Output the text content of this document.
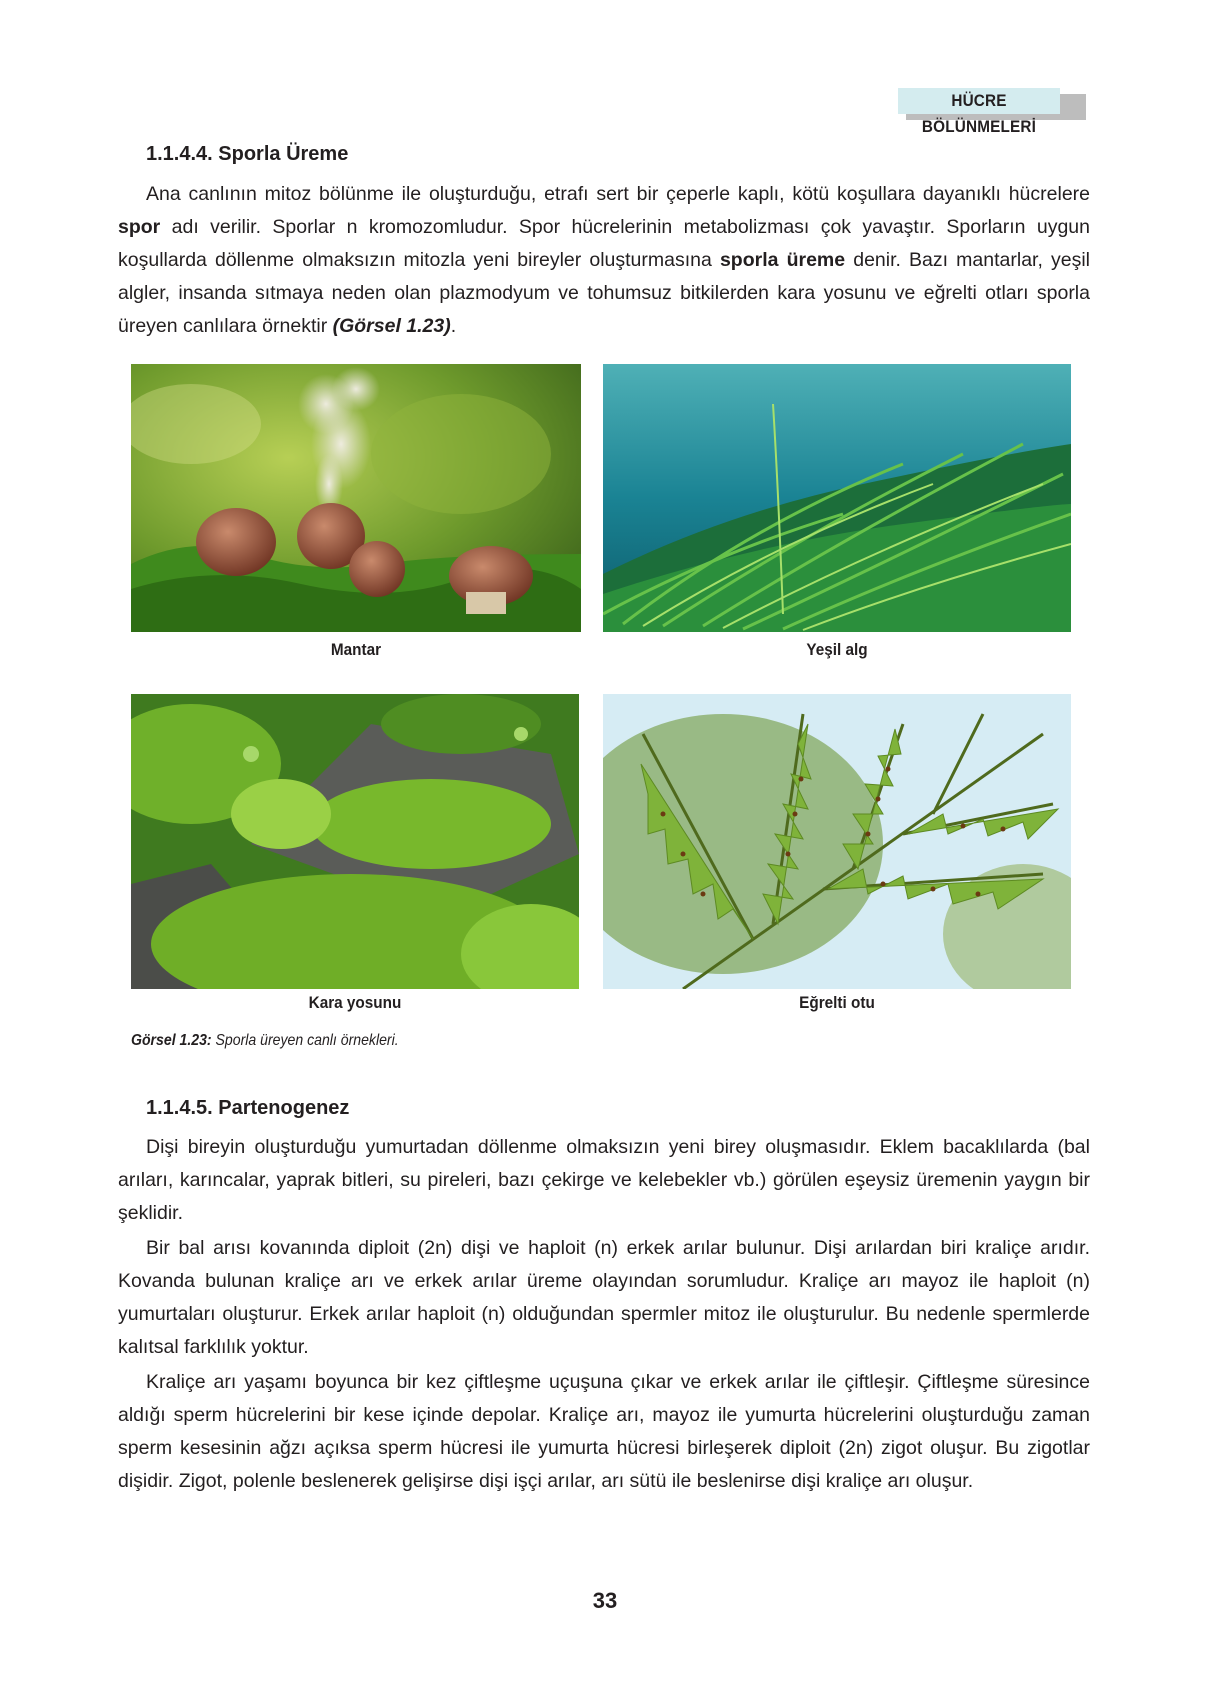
HÜCRE BÖLÜNMELERİ
1.1.4.4. Sporla Üreme

Ana canlının mitoz bölünme ile oluşturduğu, etrafı sert bir çeperle kaplı, kötü koşullara dayanıklı hücrelere spor adı verilir. Sporlar n kromozomludur. Spor hücrelerinin metabolizması çok yavaştır. Sporların uygun koşullarda döllenme olmaksızın mitozla yeni bireyler oluşturmasına sporla üreme denir. Bazı mantarlar, yeşil algler, insanda sıtmaya neden olan plazmodyum ve tohumsuz bitkilerden kara yosunu ve eğrelti otları sporla üreyen canlılara örnektir (Görsel 1.23).

Mantar	Yeşil alg
Kara yosunu	Eğrelti otu
Görsel 1.23: Sporla üreyen canlı örnekleri.
1.1.4.5. Partenogenez

Dişi bireyin oluşturduğu yumurtadan döllenme olmaksızın yeni birey oluşmasıdır. Eklem bacaklılarda (bal arıları, karıncalar, yaprak bitleri, su pireleri, bazı çekirge ve kelebekler vb.) görülen eşeysiz üremenin yaygın bir şeklidir.

Bir bal arısı kovanında diploit (2n) dişi ve haploit (n) erkek arılar bulunur. Dişi arılardan biri kraliçe arıdır. Kovanda bulunan kraliçe arı ve erkek arılar üreme olayından sorumludur. Kraliçe arı mayoz ile haploit (n) yumurtaları oluşturur. Erkek arılar haploit (n) olduğundan spermler mitoz ile oluşturulur. Bu nedenle spermlerde kalıtsal farklılık yoktur.

Kraliçe arı yaşamı boyunca bir kez çiftleşme uçuşuna çıkar ve erkek arılar ile çiftleşir. Çiftleşme süresince aldığı sperm hücrelerini bir kese içinde depolar. Kraliçe arı, mayoz ile yumurta hücrelerini oluşturduğu zaman sperm kesesinin ağzı açıksa sperm hücresi ile yumurta hücresi birleşerek diploit (2n) zigot oluşur. Bu zigotlar dişidir. Zigot, polenle beslenerek gelişirse dişi işçi arılar, arı sütü ile beslenirse dişi kraliçe arı oluşur.

33
